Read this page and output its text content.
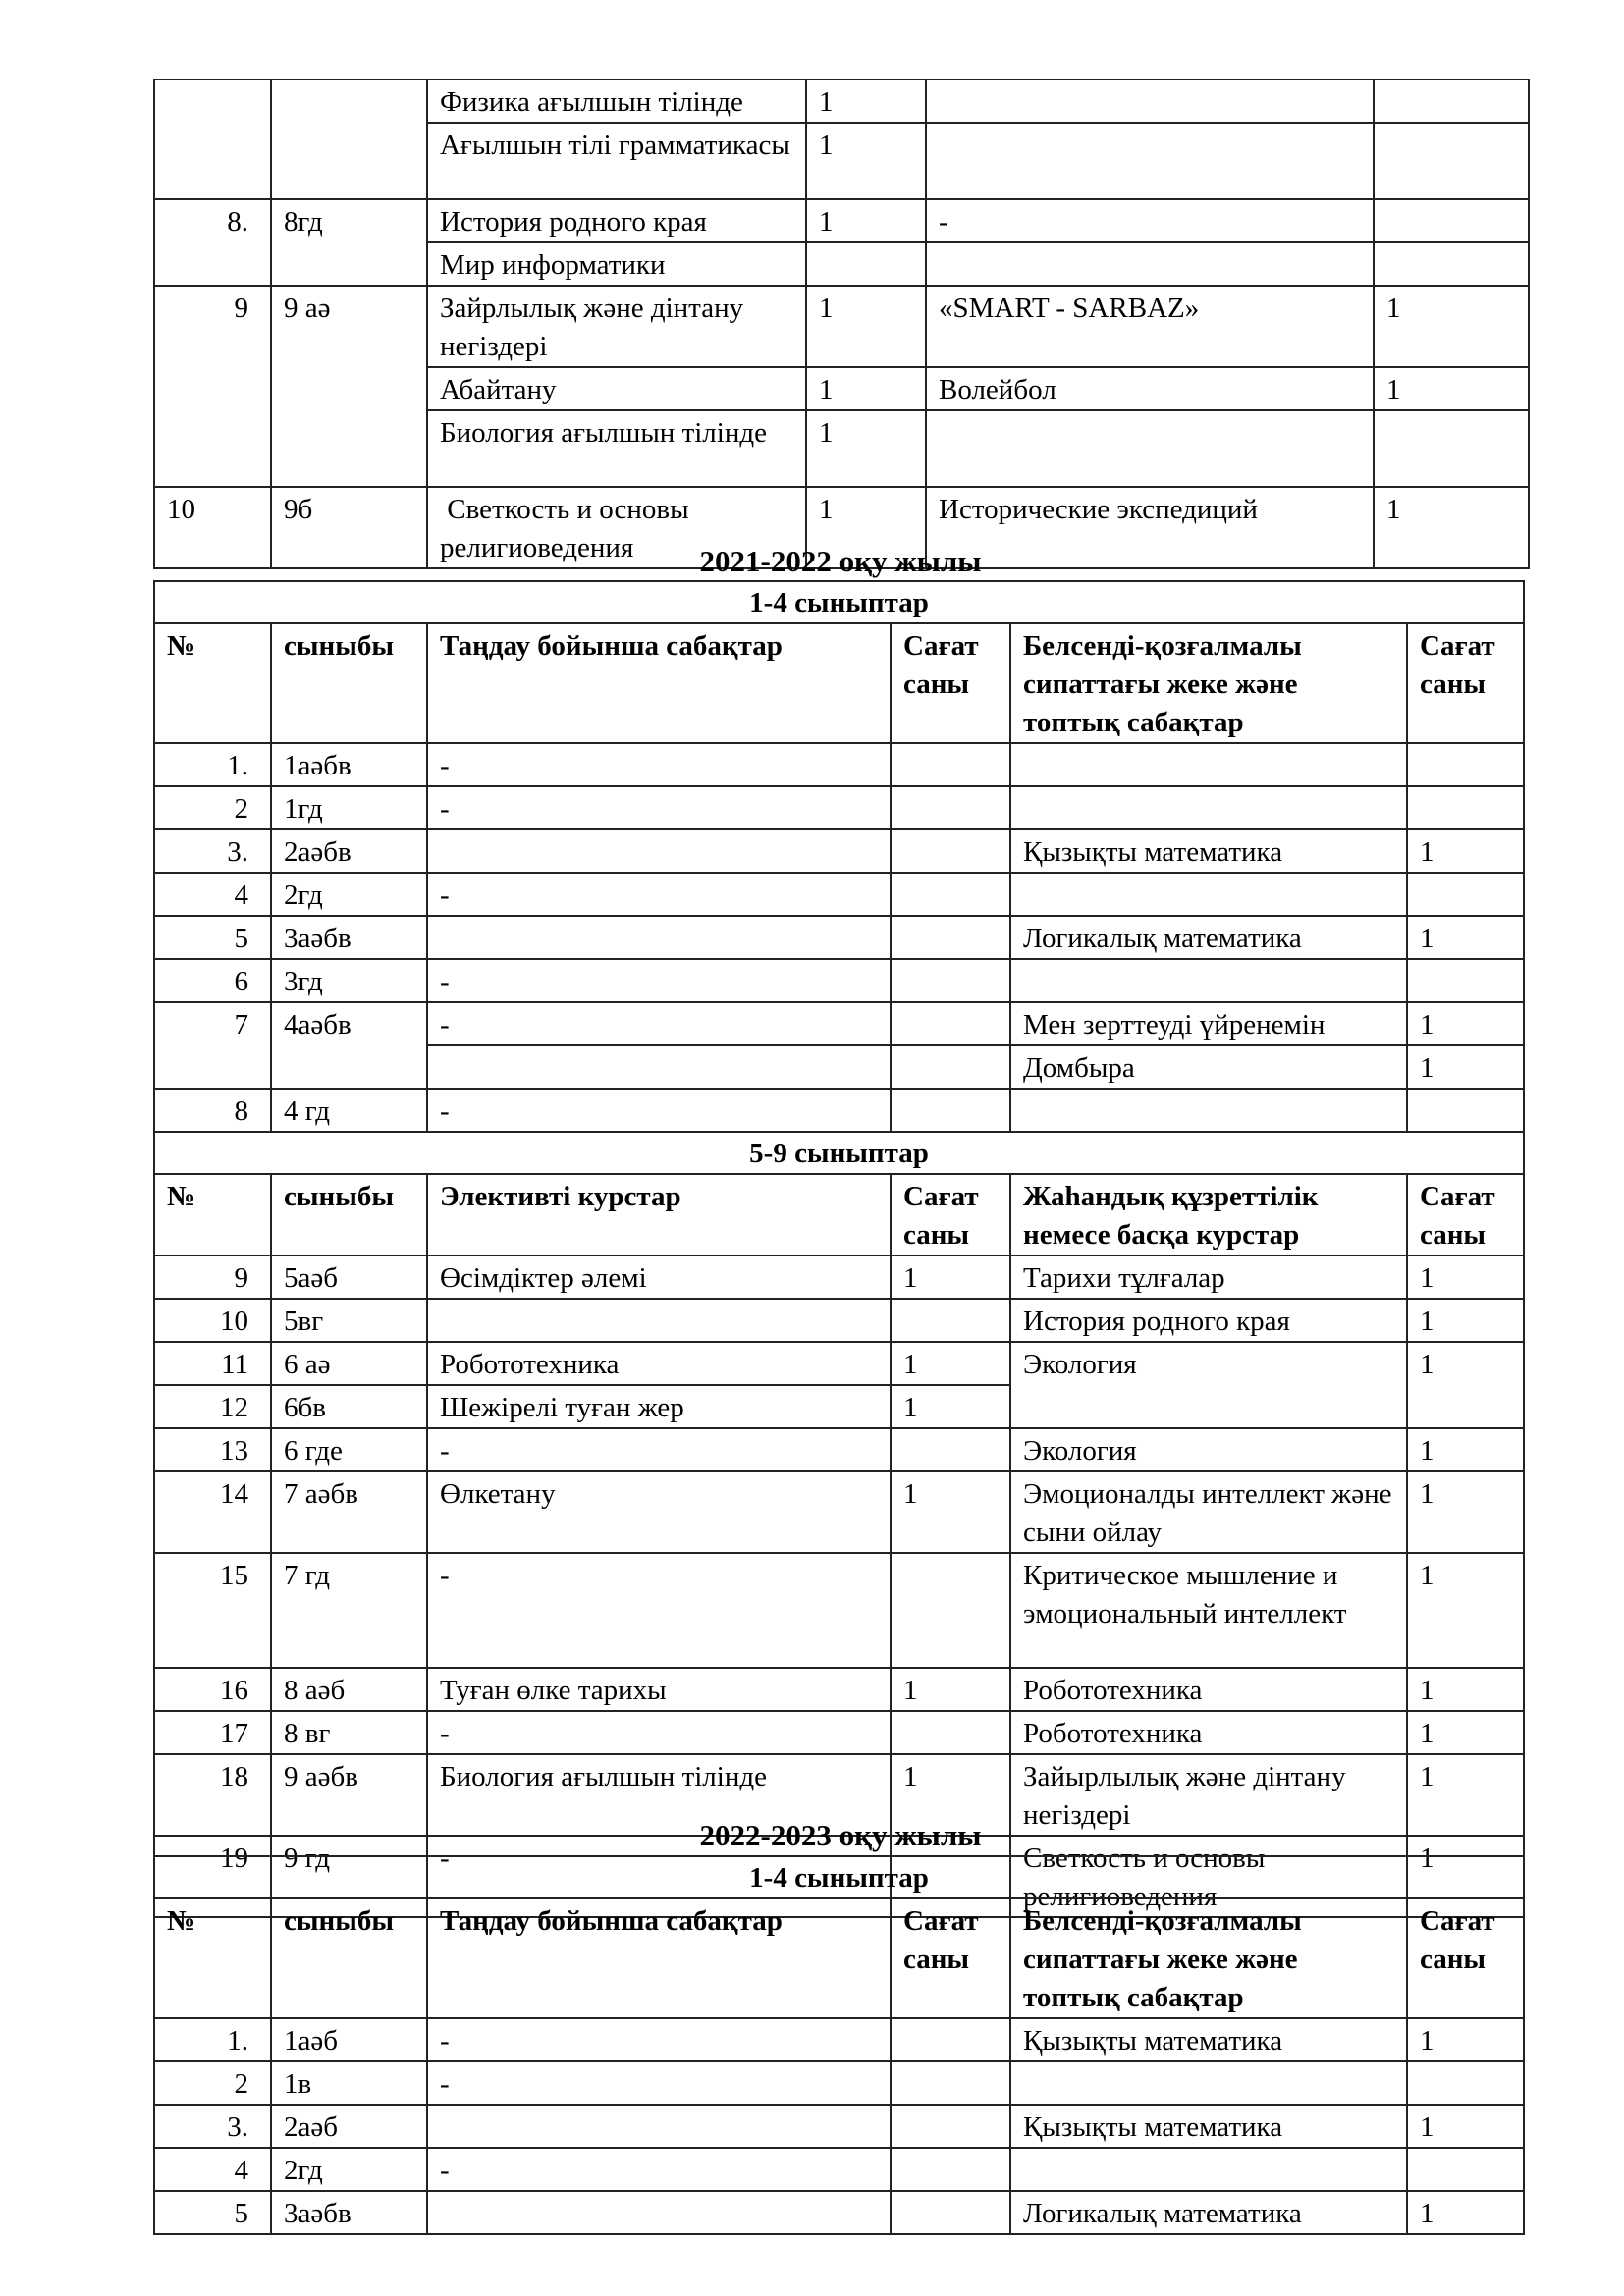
		Физика ағылшын тілінде	1		
		Ағылшын тілі грамматикасы	1		
8.	8гд	История родного края	1	-	
		Мир информатики			
9	9 аә	Зайрлылық және дінтану негіздері	1	«SMART - SARBAZ»	1
		Абайтану	1	Волейбол	1
		Биология ағылшын тілінде	1		
10	9б	Светкость и основы религиоведения	1	Исторические экспедиций	1
2021-2022 оқу жылы
1-4 сыныптар					
№	сыныбы	Таңдау бойынша сабақтар	Сағат саны	Белсенді-қозғалмалы сипаттағы жеке және топтық сабақтар	Сағат саны
1.	1аәбв	-			
2	1гд	-			
3.	2аәбв			Қызықты математика	1
4	2гд	-			
5	3аәбв			Логикалық математика	1
6	3гд	-			
7	4аәбв	-		Мен зерттеуді үйренемін	1
				Домбыра	1
8	4 гд	-			
5-9 сыныптар					
№	сыныбы	Элективті курстар	Сағат саны	Жаһандық құзреттілік немесе басқа курстар	Сағат саны
9	5аәб	Өсімдіктер әлемі	1	Тарихи тұлғалар	1
10	5вг			История родного края	1
11	6 аә	Робототехника	1	Экология	1
12	6бв	Шежірелі туған жер	1		
13	6 где	-		Экология	1
14	7 аәбв	Өлкетану	1	Эмоционалды интеллект және сыни ойлау	1
15	7 гд	-		Критическое мышление и эмоциональный интеллект	1
16	8 аәб	Туған өлке тарихы	1	Робототехника	1
17	8 вг	-		Робототехника	1
18	9 аәбв	Биология ағылшын тілінде	1	Зайырлылық және дінтану негіздері	1
19	9 гд	-		Светкость и основы религиоведения	1
2022-2023 оқу жылы
1-4 сыныптар					
№	сыныбы	Таңдау бойынша сабақтар	Сағат саны	Белсенді-қозғалмалы сипаттағы жеке және топтық сабақтар	Сағат саны
1.	1аәб	-		Қызықты математика	1
2	1в	-			
3.	2аәб			Қызықты математика	1
4	2гд	-			
5	3аәбв			Логикалық математика	1
